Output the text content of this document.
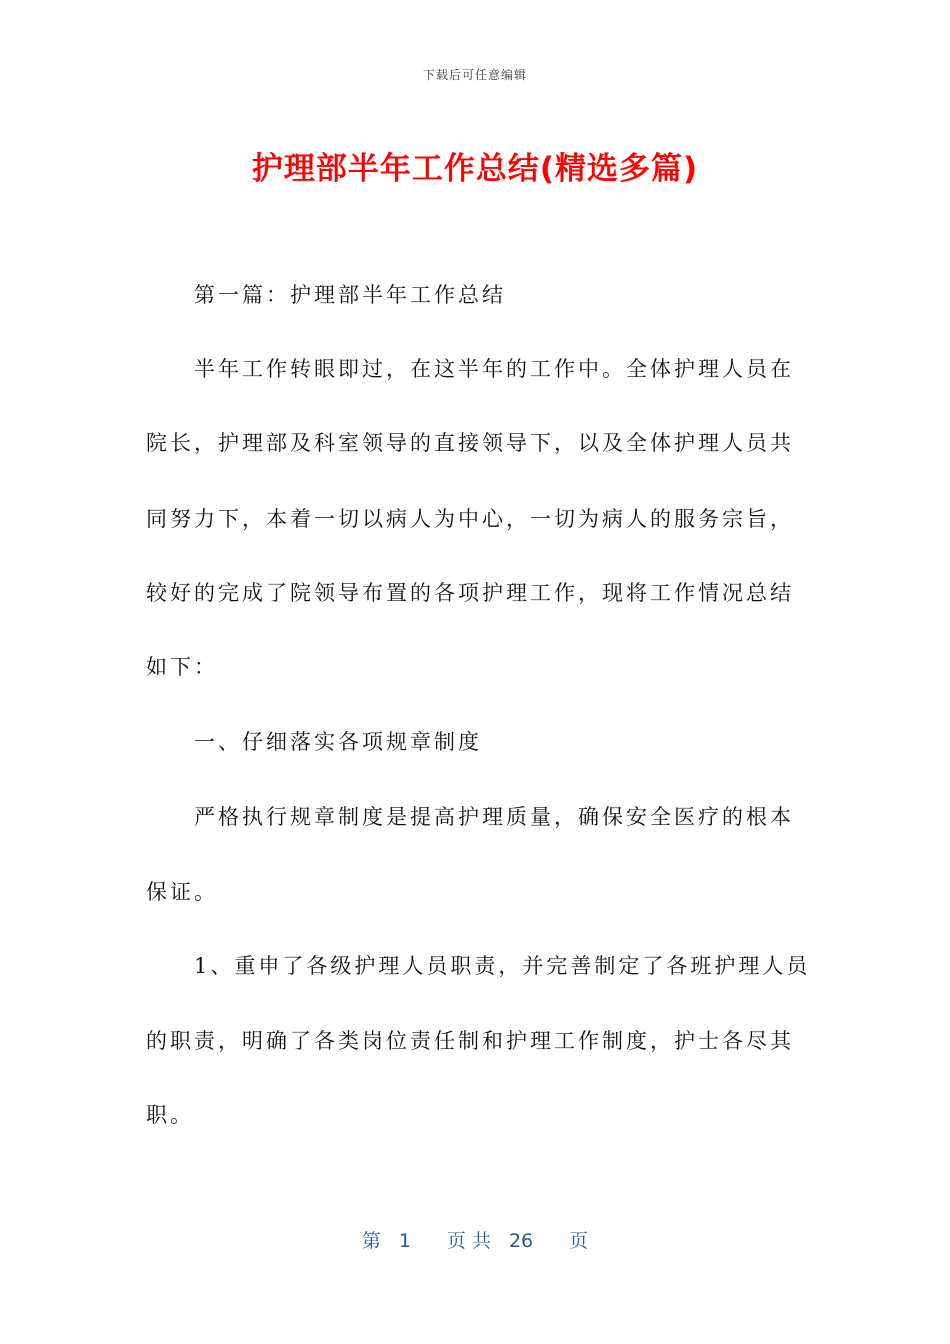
下载后可任意编辑
护理部半年工作总结(精选多篇)
第一篇：护理部半年工作总结
半年工作转眼即过，在这半年的工作中。全体护理人员在
院长，护理部及科室领导的直接领导下，以及全体护理人员共
同努力下，本着一切以病人为中心，一切为病人的服务宗旨，
较好的完成了院领导布置的各项护理工作，现将工作情况总结
如下：
一、仔细落实各项规章制度
严格执行规章制度是提高护理质量，确保安全医疗的根本
保证。
1、重申了各级护理人员职责，并完善制定了各班护理人员
的职责，明确了各类岗位责任制和护理工作制度，护士各尽其
职。
第 1 页 共 26 页
